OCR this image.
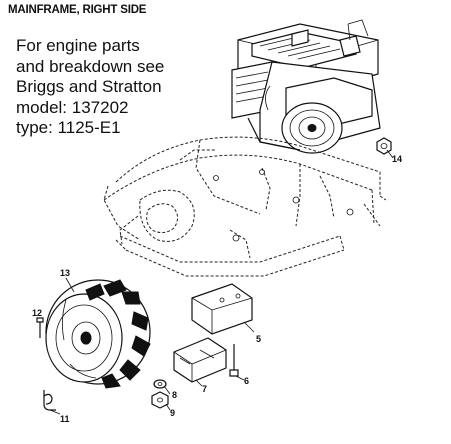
MAINFRAME, RIGHT SIDE
For engine parts
and breakdown see
Briggs and Stratton
model: 137202
type: 1125-E1
5
6
7
8
9
11
12
13
14
